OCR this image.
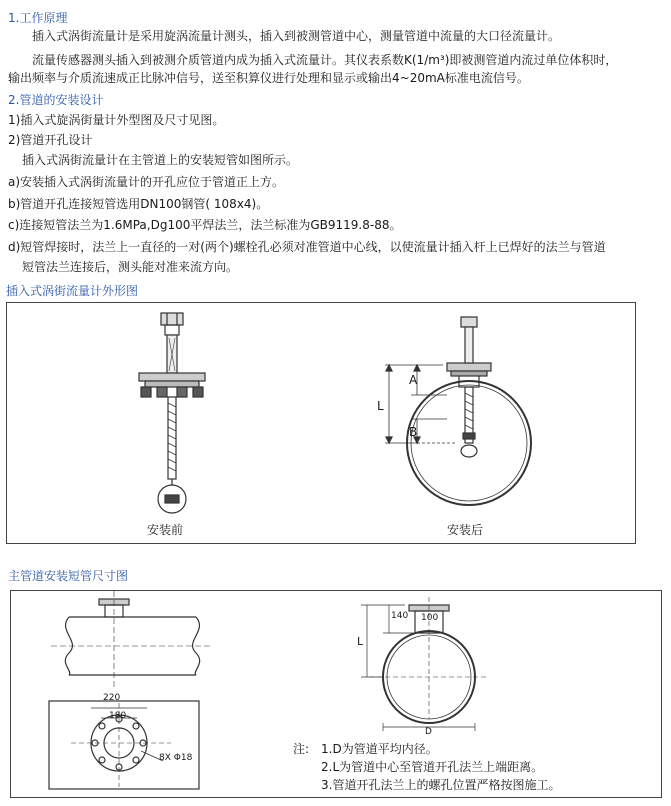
1.工作原理
插入式涡街流量计是采用旋涡流量计测头，插入到被测管道中心，测量管道中流量的大口径流量计。
流量传感器测头插入到被测介质管道内成为插入式流量计。其仪表系数K(1/m³)即被测管道内流过单位体积时，
输出频率与介质流速成正比脉冲信号，送至积算仪进行处理和显示或输出4~20mA标准电流信号。
2.管道的安装设计
1)插入式旋涡街量计外型图及尺寸见图。
2)管道开孔设计
插入式涡街流量计在主管道上的安装短管如图所示。
a)安装插入式涡街流量计的开孔应位于管道正上方。
b)管道开孔连接短管选用DN100钢管( 108x4)。
c)连接短管法兰为1.6MPa,Dg100平焊法兰，法兰标准为GB9119.8-88。
d)短管焊接时，法兰上一直径的一对(两个)螺栓孔必须对准管道中心线，以使流量计插入杆上已焊好的法兰与管道
短管法兰连接后，测头能对准来流方向。
插入式涡街流量计外形图
L
A
B
安装前	安装后
主管道安装短管尺寸图
220
180
8X Φ18
140 100
L
D
注: 1.D为管道平均内径。
2.L为管道中心至管道开孔法兰上端距离。
3.管道开孔法兰上的螺孔位置严格按图施工。
